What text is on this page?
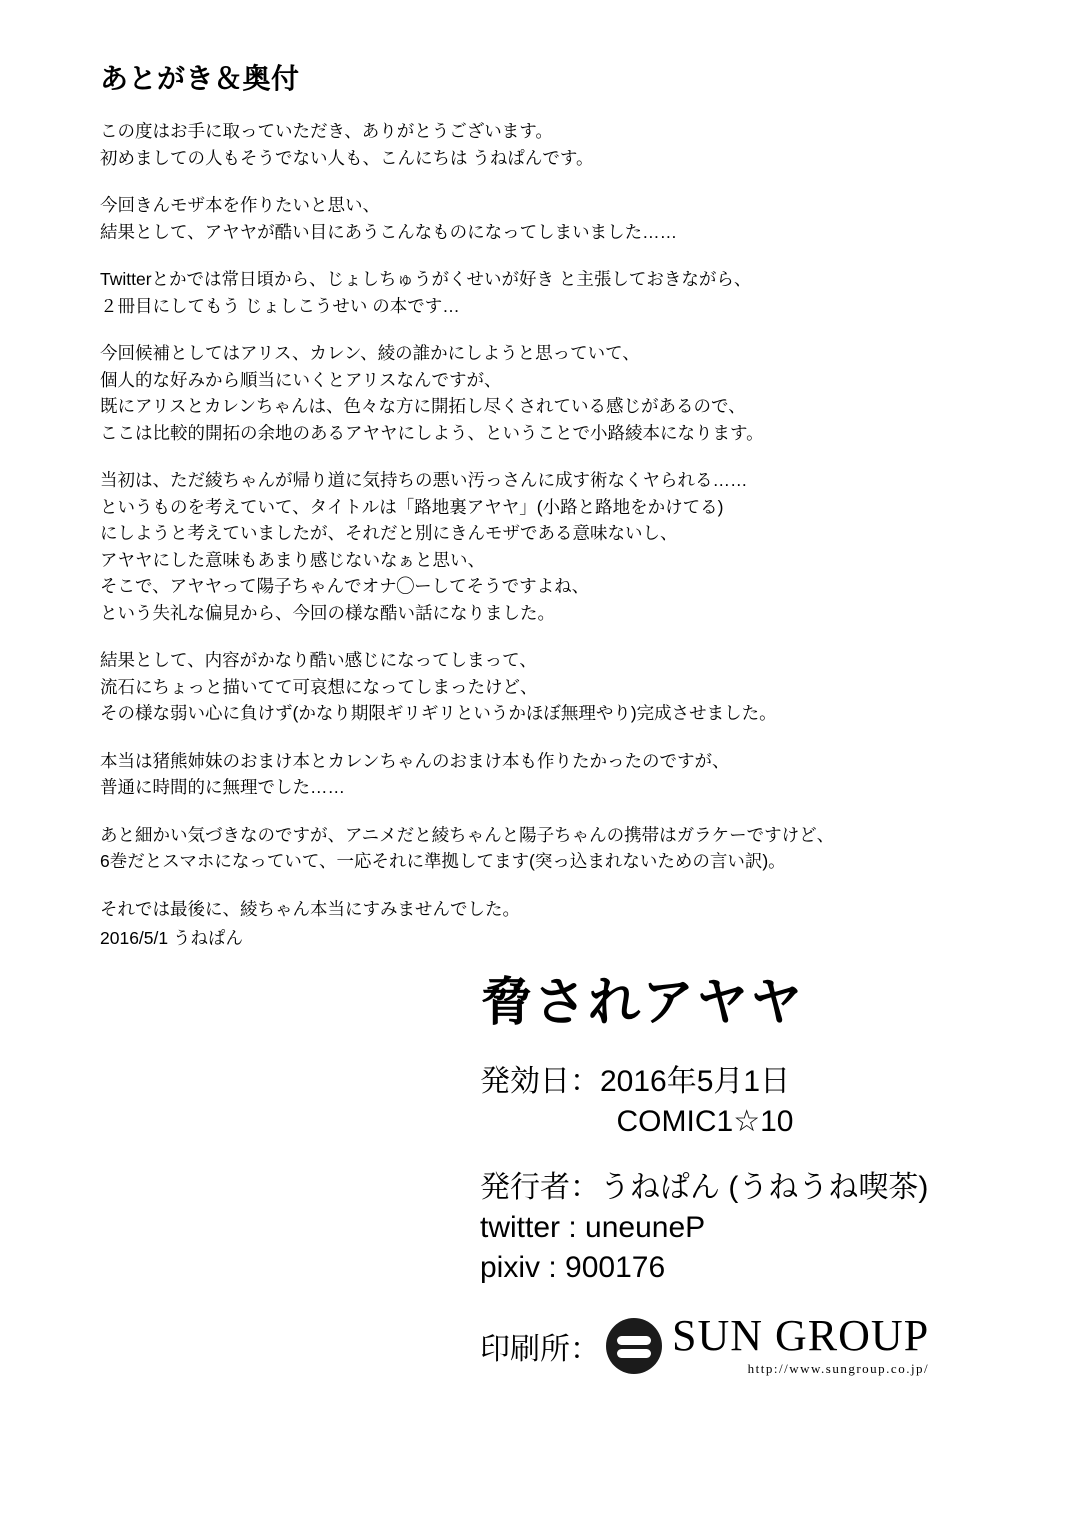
あとがき＆奥付

この度はお手に取っていただき、ありがとうございます。
初めましての人もそうでない人も、こんにちは うねぱんです。

今回きんモザ本を作りたいと思い、
結果として、アヤヤが酷い目にあうこんなものになってしまいました……

Twitterとかでは常日頃から、じょしちゅうがくせいが好き と主張しておきながら、
２冊目にしてもう じょしこうせい の本です…

今回候補としてはアリス、カレン、綾の誰かにしようと思っていて、
個人的な好みから順当にいくとアリスなんですが、
既にアリスとカレンちゃんは、色々な方に開拓し尽くされている感じがあるので、
ここは比較的開拓の余地のあるアヤヤにしよう、ということで小路綾本になります。

当初は、ただ綾ちゃんが帰り道に気持ちの悪い汚っさんに成す術なくヤられる……
というものを考えていて、タイトルは「路地裏アヤヤ」(小路と路地をかけてる)
にしようと考えていましたが、それだと別にきんモザである意味ないし、
アヤヤにした意味もあまり感じないなぁと思い、
そこで、アヤヤって陽子ちゃんでオナ◯ーしてそうですよね、
という失礼な偏見から、今回の様な酷い話になりました。

結果として、内容がかなり酷い感じになってしまって、
流石にちょっと描いてて可哀想になってしまったけど、
その様な弱い心に負けず(かなり期限ギリギリというかほぼ無理やり)完成させました。

本当は猪熊姉妹のおまけ本とカレンちゃんのおまけ本も作りたかったのですが、
普通に時間的に無理でした……

あと細かい気づきなのですが、アニメだと綾ちゃんと陽子ちゃんの携帯はガラケーですけど、
6巻だとスマホになっていて、一応それに準拠してます(突っ込まれないための言い訳)。

それでは最後に、綾ちゃん本当にすみませんでした。

2016/5/1 うねぱん
脅されアヤヤ
発効日：2016年5月1日
COMIC1☆10
発行者：うねぱん (うねうね喫茶)
twitter : uneuneP
pixiv : 900176
印刷所： SUN GROUP
http://www.sungroup.co.jp/
